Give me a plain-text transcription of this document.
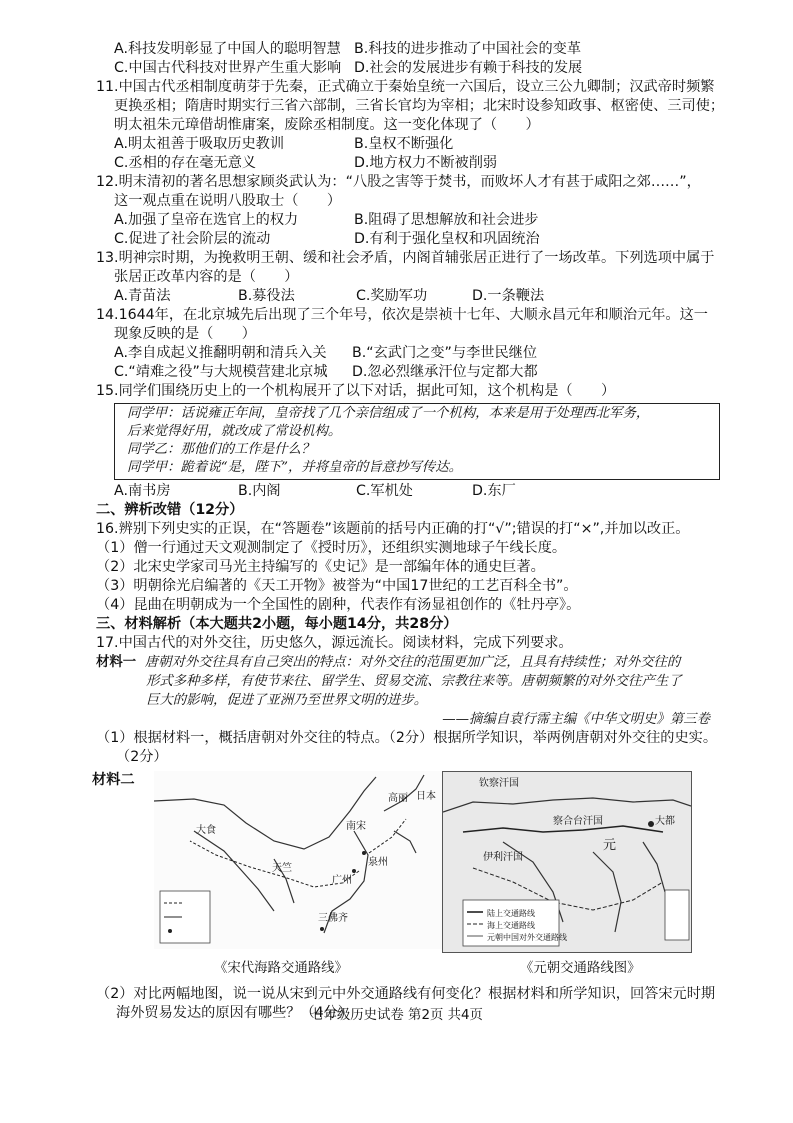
A.科技发明彰显了中国人的聪明智慧 B.科技的进步推动了中国社会的变革
C.中国古代科技对世界产生重大影响 D.社会的发展进步有赖于科技的发展

11.中国古代丞相制度萌芽于先秦，正式确立于秦始皇统一六国后，设立三公九卿制；汉武帝时频繁

更换丞相；隋唐时期实行三省六部制，三省长官均为宰相；北宋时设参知政事、枢密使、三司使；

明太祖朱元璋借胡惟庸案，废除丞相制度。这一变化体现了（　　）

A.明太祖善于吸取历史教训	B.皇权不断强化
C.丞相的存在毫无意义	D.地方权力不断被削弱

12.明末清初的著名思想家顾炎武认为：“八股之害等于焚书，而败坏人才有甚于咸阳之郊……”，

这一观点重在说明八股取士（　　）

A.加强了皇帝在选官上的权力	B.阻碍了思想解放和社会进步
C.促进了社会阶层的流动	D.有利于强化皇权和巩固统治

13.明神宗时期，为挽救明王朝、缓和社会矛盾，内阁首辅张居正进行了一场改革。下列选项中属于

张居正改革内容的是（　　）

A.青苗法	B.募役法	C.奖励军功	D.一条鞭法

14.1644年，在北京城先后出现了三个年号，依次是崇祯十七年、大顺永昌元年和顺治元年。这一

现象反映的是（　　）

A.李自成起义推翻明朝和清兵入关	B.“玄武门之变”与李世民继位
C.“靖难之役”与大规模营建北京城	D.忽必烈继承汗位与定都大都

15.同学们围绕历史上的一个机构展开了以下对话，据此可知，这个机构是（　　）

同学甲：话说雍正年间，皇帝找了几个亲信组成了一个机构，本来是用于处理西北军务，
后来觉得好用，就改成了常设机构。
同学乙：那他们的工作是什么？
同学甲：跪着说“是，陛下”，并将皇帝的旨意抄写传达。
A.南书房	B.内阁	C.军机处	D.东厂

二、辨析改错（12分）

16.辨别下列史实的正误，在“答题卷”该题前的括号内正确的打“√”;错误的打“×”,并加以改正。

（1）僧一行通过天文观测制定了《授时历》，还组织实测地球子午线长度。

（2）北宋史学家司马光主持编写的《史记》是一部编年体的通史巨著。

（3）明朝徐光启编著的《天工开物》被誉为“中国17世纪的工艺百科全书”。

（4）昆曲在明朝成为一个全国性的剧种，代表作有汤显祖创作的《牡丹亭》。

三、材料解析（本大题共2小题，每小题14分，共28分）

17.中国古代的对外交往，历史悠久，源远流长。阅读材料，完成下列要求。

材料一 唐朝对外交往具有自己突出的特点：对外交往的范围更加广泛，且具有持续性；对外交往的
形式多种多样，有使节来往、留学生、贸易交流、宗教往来等。唐朝频繁的对外交往产生了
巨大的影响，促进了亚洲乃至世界文明的进步。
——摘编自袁行霈主编《中华文明史》第三卷

（1）根据材料一，概括唐朝对外交往的特点。（2分）根据所学知识，举两例唐朝对外交往的史实。

（2分）

材料二
大食
天竺
南宋
泉州
广州
三佛齐
日本
高丽
钦察汗国
元
大都
伊利汗国
察合台汗国
陆上交通路线
海上交通路线
元朝中国对外交通路线
《宋代海路交通路线》	《元朝交通路线图》

（2）对比两幅地图，说一说从宋到元中外交通路线有何变化？根据材料和所学知识，回答宋元时期

海外贸易发达的原因有哪些？（4分）

七年级历史试卷 第2页 共4页
